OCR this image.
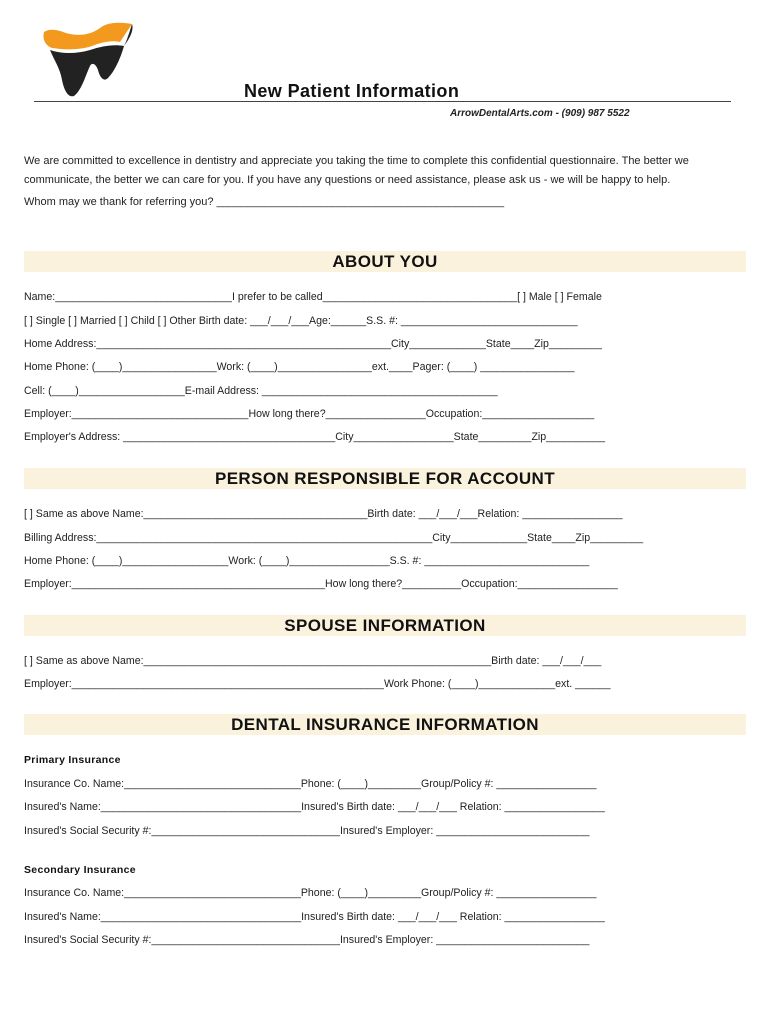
New Patient Information
ArrowDentalArts.com - (909) 987 5522
We are committed to excellence in dentistry and appreciate you taking the time to complete this confidential questionnaire. The better we communicate, the better we can care for you. If you have any questions or need assistance, please ask us - we will be happy to help.
Whom may we thank for referring you? _______________________________________________
ABOUT YOU
Name:______________________________I prefer to be called_________________________________[ ] Male [ ] Female
[ ] Single [ ] Married [ ] Child [ ] Other Birth date: ___/___/___Age:______S.S. #: ______________________________
Home Address:__________________________________________________City_____________State____Zip_________
Home Phone: (____)________________Work: (____)________________ext.____Pager: (____) ________________
Cell: (____)__________________E-mail Address: ________________________________________
Employer:______________________________How long there?_________________Occupation:___________________
Employer's Address: ____________________________________City_________________State_________Zip__________
PERSON RESPONSIBLE FOR ACCOUNT
[ ] Same as above Name:______________________________________Birth date: ___/___/___Relation: _________________
Billing Address:_________________________________________________________City_____________State____Zip_________
Home Phone: (____)__________________Work: (____)_________________S.S. #: ____________________________
Employer:___________________________________________How long there?__________Occupation:_________________
SPOUSE INFORMATION
[ ] Same as above Name:___________________________________________________________Birth date: ___/___/___
Employer:_____________________________________________________Work Phone: (____)_____________ext. ______
DENTAL INSURANCE INFORMATION
Primary Insurance
Insurance Co. Name:______________________________Phone: (____)_________Group/Policy #: _________________
Insured's Name:__________________________________Insured's Birth date: ___/___/___ Relation: _________________
Insured's Social Security #:________________________________Insured's Employer: __________________________
Secondary Insurance
Insurance Co. Name:______________________________Phone: (____)_________Group/Policy #: _________________
Insured's Name:__________________________________Insured's Birth date: ___/___/___ Relation: _________________
Insured's Social Security #:________________________________Insured's Employer: __________________________
